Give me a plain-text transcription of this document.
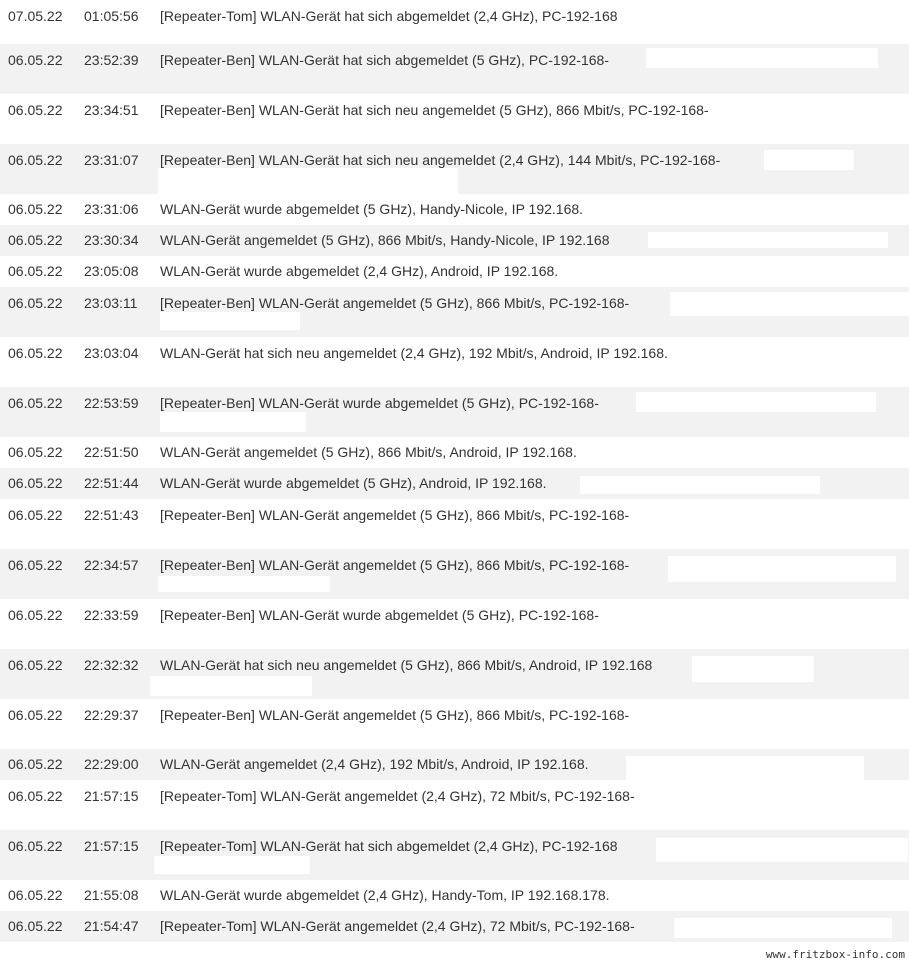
07.05.22 01:05:56 [Repeater-Tom] WLAN-Gerät hat sich abgemeldet (2,4 GHz), PC-192-168
06.05.22 23:52:39 [Repeater-Ben] WLAN-Gerät hat sich abgemeldet (5 GHz), PC-192-168-
06.05.22 23:34:51 [Repeater-Ben] WLAN-Gerät hat sich neu angemeldet (5 GHz), 866 Mbit/s, PC-192-168-
06.05.22 23:31:07 [Repeater-Ben] WLAN-Gerät hat sich neu angemeldet (2,4 GHz), 144 Mbit/s, PC-192-168-
06.05.22 23:31:06 WLAN-Gerät wurde abgemeldet (5 GHz), Handy-Nicole, IP 192.168.
06.05.22 23:30:34 WLAN-Gerät angemeldet (5 GHz), 866 Mbit/s, Handy-Nicole, IP 192.168
06.05.22 23:05:08 WLAN-Gerät wurde abgemeldet (2,4 GHz), Android, IP 192.168.
06.05.22 23:03:11 [Repeater-Ben] WLAN-Gerät angemeldet (5 GHz), 866 Mbit/s, PC-192-168-
06.05.22 23:03:04 WLAN-Gerät hat sich neu angemeldet (2,4 GHz), 192 Mbit/s, Android, IP 192.168.
06.05.22 22:53:59 [Repeater-Ben] WLAN-Gerät wurde abgemeldet (5 GHz), PC-192-168-
06.05.22 22:51:50 WLAN-Gerät angemeldet (5 GHz), 866 Mbit/s, Android, IP 192.168.
06.05.22 22:51:44 WLAN-Gerät wurde abgemeldet (5 GHz), Android, IP 192.168.
06.05.22 22:51:43 [Repeater-Ben] WLAN-Gerät angemeldet (5 GHz), 866 Mbit/s, PC-192-168-
06.05.22 22:34:57 [Repeater-Ben] WLAN-Gerät angemeldet (5 GHz), 866 Mbit/s, PC-192-168-
06.05.22 22:33:59 [Repeater-Ben] WLAN-Gerät wurde abgemeldet (5 GHz), PC-192-168-
06.05.22 22:32:32 WLAN-Gerät hat sich neu angemeldet (5 GHz), 866 Mbit/s, Android, IP 192.168
06.05.22 22:29:37 [Repeater-Ben] WLAN-Gerät angemeldet (5 GHz), 866 Mbit/s, PC-192-168-
06.05.22 22:29:00 WLAN-Gerät angemeldet (2,4 GHz), 192 Mbit/s, Android, IP 192.168.
06.05.22 21:57:15 [Repeater-Tom] WLAN-Gerät angemeldet (2,4 GHz), 72 Mbit/s, PC-192-168-
06.05.22 21:57:15 [Repeater-Tom] WLAN-Gerät hat sich abgemeldet (2,4 GHz), PC-192-168
06.05.22 21:55:08 WLAN-Gerät wurde abgemeldet (2,4 GHz), Handy-Tom, IP 192.168.178.
06.05.22 21:54:47 [Repeater-Tom] WLAN-Gerät angemeldet (2,4 GHz), 72 Mbit/s, PC-192-168-
www.fritzbox-info.com
